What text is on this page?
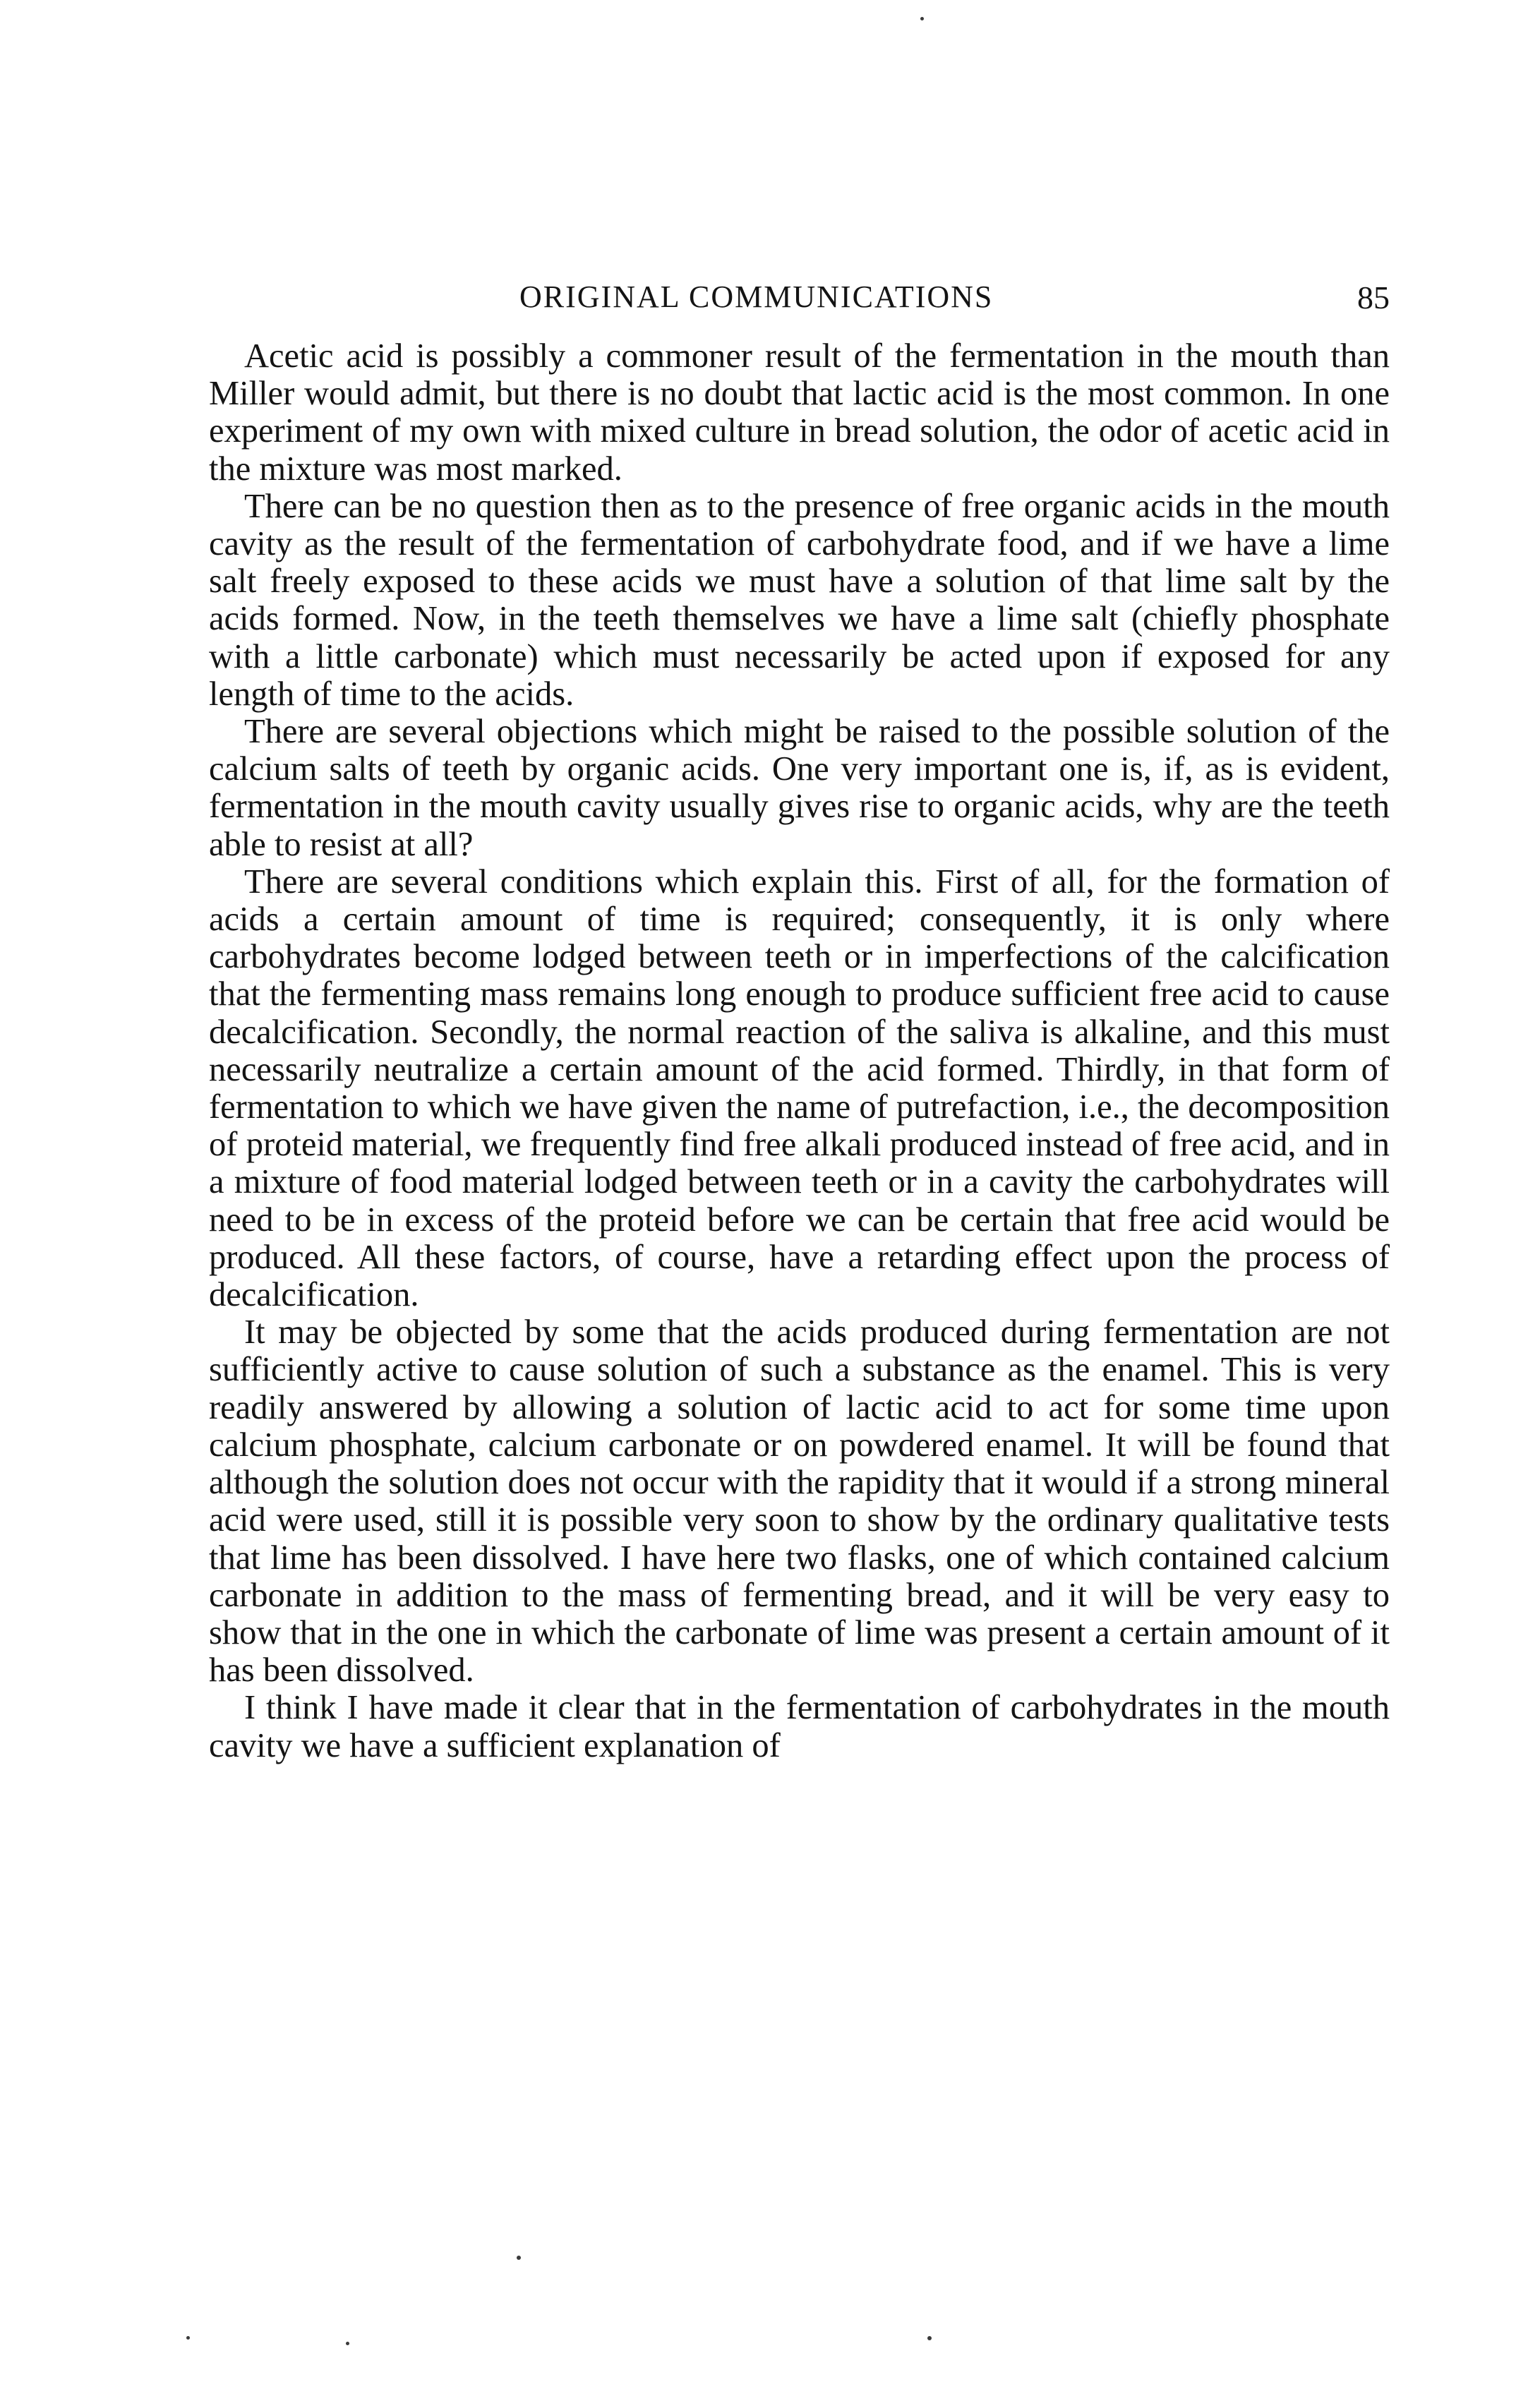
ORIGINAL COMMUNICATIONS	85

Acetic acid is possibly a commoner result of the fermentation in the mouth than Miller would admit, but there is no doubt that lactic acid is the most common. In one experiment of my own with mixed culture in bread solution, the odor of acetic acid in the mixture was most marked.

There can be no question then as to the presence of free organic acids in the mouth cavity as the result of the fermentation of carbohydrate food, and if we have a lime salt freely exposed to these acids we must have a solution of that lime salt by the acids formed. Now, in the teeth themselves we have a lime salt (chiefly phosphate with a little carbonate) which must necessarily be acted upon if exposed for any length of time to the acids.

There are several objections which might be raised to the possible solution of the calcium salts of teeth by organic acids. One very important one is, if, as is evident, fermentation in the mouth cavity usually gives rise to organic acids, why are the teeth able to resist at all?

There are several conditions which explain this. First of all, for the formation of acids a certain amount of time is required; consequently, it is only where carbohydrates become lodged between teeth or in imperfections of the calcification that the fermenting mass remains long enough to produce sufficient free acid to cause decalcification. Secondly, the normal reaction of the saliva is alkaline, and this must necessarily neutralize a certain amount of the acid formed. Thirdly, in that form of fermentation to which we have given the name of putrefaction, i.e., the decomposition of proteid material, we frequently find free alkali produced instead of free acid, and in a mixture of food material lodged between teeth or in a cavity the carbohydrates will need to be in excess of the proteid before we can be certain that free acid would be produced. All these factors, of course, have a retarding effect upon the process of decalcification.

It may be objected by some that the acids produced during fermentation are not sufficiently active to cause solution of such a substance as the enamel. This is very readily answered by allowing a solution of lactic acid to act for some time upon calcium phosphate, calcium carbonate or on powdered enamel. It will be found that although the solution does not occur with the rapidity that it would if a strong mineral acid were used, still it is possible very soon to show by the ordinary qualitative tests that lime has been dissolved. I have here two flasks, one of which contained calcium carbonate in addition to the mass of fermenting bread, and it will be very easy to show that in the one in which the carbonate of lime was present a certain amount of it has been dissolved.

I think I have made it clear that in the fermentation of carbohydrates in the mouth cavity we have a sufficient explanation of
